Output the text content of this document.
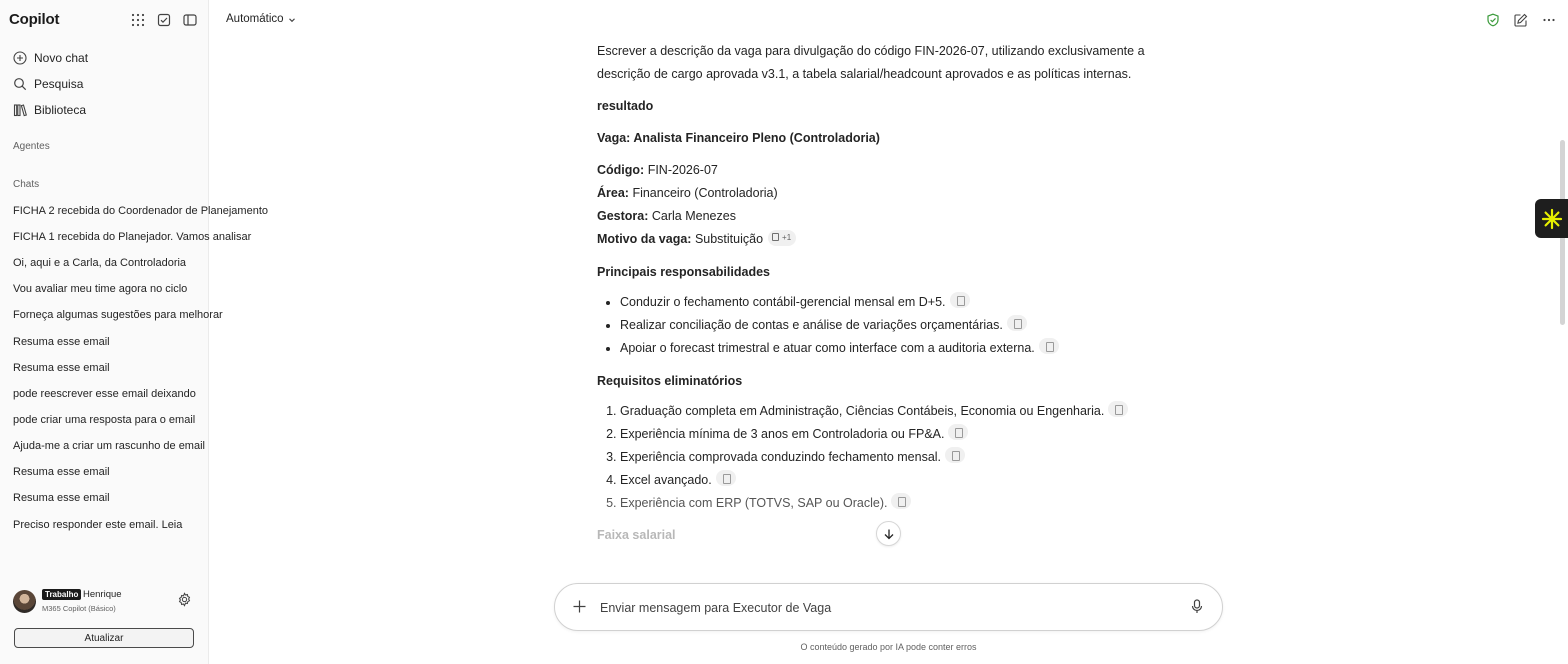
Copilot
Novo chat
Pesquisa
Biblioteca
Agentes
Chats
FICHA 2 recebida do Coordenador de Planejamento
FICHA 1 recebida do Planejador. Vamos analisar
Oi, aqui e a Carla, da Controladoria
Vou avaliar meu time agora no ciclo
Forneça algumas sugestões para melhorar
Resuma esse email
Resuma esse email
pode reescrever esse email deixando
pode criar uma resposta para o email
Ajuda-me a criar um rascunho de email
Resuma esse email
Resuma esse email
Preciso responder este email. Leia
Trabalho Henrique
M365 Copilot (Básico)
Atualizar
Automático

Escrever a descrição da vaga para divulgação do código FIN-2026-07, utilizando exclusivamente a descrição de cargo aprovada v3.1, a tabela salarial/headcount aprovados e as políticas internas.

resultado

Vaga: Analista Financeiro Pleno (Controladoria)

Código: FIN-2026-07

Área: Financeiro (Controladoria)

Gestora: Carla Menezes

Motivo da vaga: Substituição +1

Principais responsabilidades

• Conduzir o fechamento contábil-gerencial mensal em D+5.
• Realizar conciliação de contas e análise de variações orçamentárias.
• Apoiar o forecast trimestral e atuar como interface com a auditoria externa.

Requisitos eliminatórios

1. Graduação completa em Administração, Ciências Contábeis, Economia ou Engenharia.
2. Experiência mínima de 3 anos em Controladoria ou FP&A.
3. Experiência comprovada conduzindo fechamento mensal.
4. Excel avançado.
5. Experiência com ERP (TOTVS, SAP ou Oracle).

Faixa salarial

Enviar mensagem para Executor de Vaga
O conteúdo gerado por IA pode conter erros
